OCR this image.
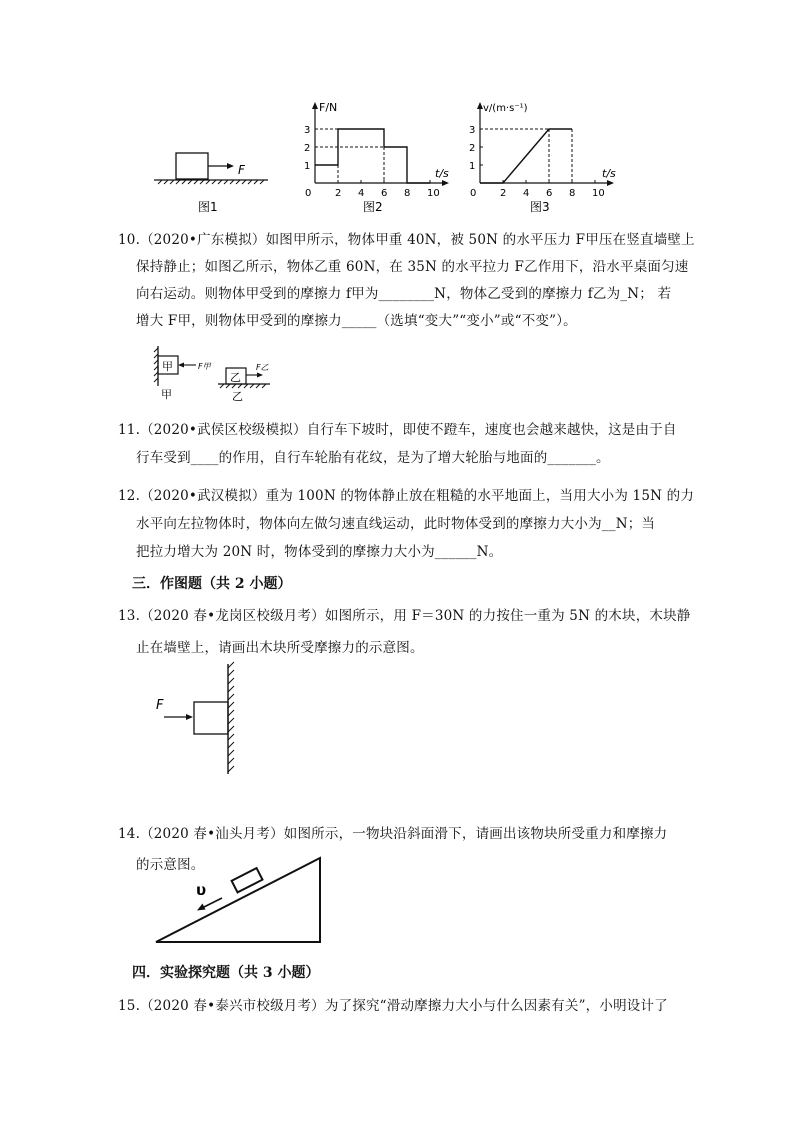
F
图1
F/N
t/s
0 2 4 6 8 10
1
2
3
图2
v/(m·s⁻¹)
t/s
0 2 4 6 8 10
1
2
3
图3
10.（2020•广东模拟）如图甲所示，物体甲重 40N，被 50N 的水平压力 F甲压在竖直墙壁上
保持静止；如图乙所示，物体乙重 60N，在 35N 的水平拉力 F乙作用下，沿水平桌面匀速
向右运动。则物体甲受到的摩擦力 f甲为________N，物体乙受到的摩擦力 f乙为_N； 若
增大 F甲，则物体甲受到的摩擦力_____（选填“变大”“变小”或“不变”）。
甲	F甲
甲
乙
F乙
乙
11.（2020•武侯区校级模拟）自行车下坡时，即使不蹬车，速度也会越来越快，这是由于自
行车受到____的作用，自行车轮胎有花纹，是为了增大轮胎与地面的_______。
12.（2020•武汉模拟）重为 100N 的物体静止放在粗糙的水平地面上，当用大小为 15N 的力
水平向左拉物体时，物体向左做匀速直线运动，此时物体受到的摩擦力大小为__N；当
把拉力增大为 20N 时，物体受到的摩擦力大小为______N。
三．作图题（共 2 小题）
13.（2020 春•龙岗区校级月考）如图所示，用 F＝30N 的力按住一重为 5N 的木块，木块静
止在墙壁上，请画出木块所受摩擦力的示意图。
F
14.（2020 春•汕头月考）如图所示，一物块沿斜面滑下，请画出该物块所受重力和摩擦力
的示意图。
υ
四．实验探究题（共 3 小题）
15.（2020 春•泰兴市校级月考）为了探究“滑动摩擦力大小与什么因素有关”，小明设计了
